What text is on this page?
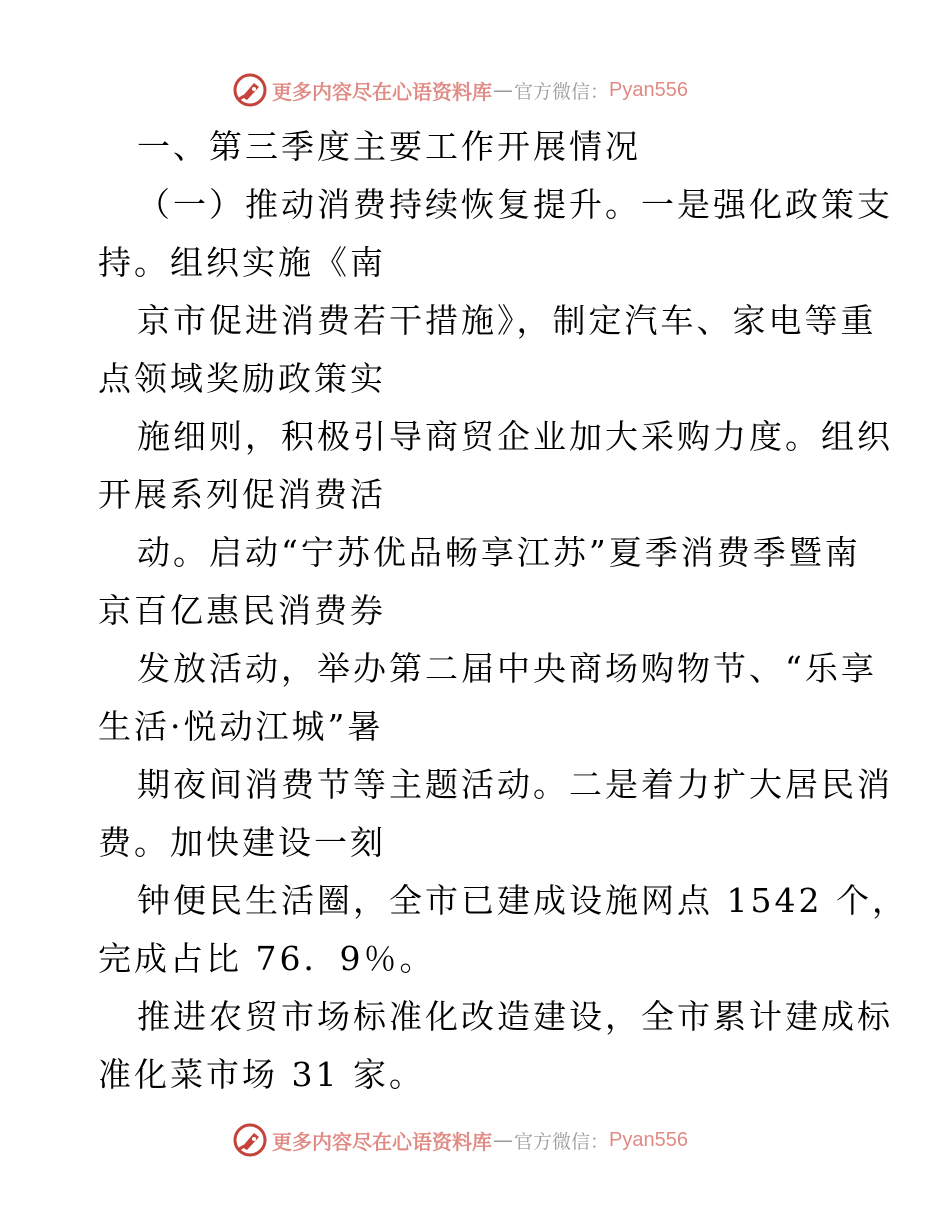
更多内容尽在心语资料库 — 官方微信： Pyan556
一、第三季度主要工作开展情况
（一）推动消费持续恢复提升。一是强化政策支
持。组织实施《南
京市促进消费若干措施》，制定汽车、家电等重
点领域奖励政策实
施细则，积极引导商贸企业加大采购力度。组织
开展系列促消费活
动。启动“宁苏优品畅享江苏”夏季消费季暨南
京百亿惠民消费券
发放活动，举办第二届中央商场购物节、“乐享
生活·悦动江城”暑
期夜间消费节等主题活动。二是着力扩大居民消
费。加快建设一刻
钟便民生活圈，全市已建成设施网点 1542 个，
完成占比 76．9％。
推进农贸市场标准化改造建设，全市累计建成标
准化菜市场 31 家。
更多内容尽在心语资料库 — 官方微信： Pyan556
